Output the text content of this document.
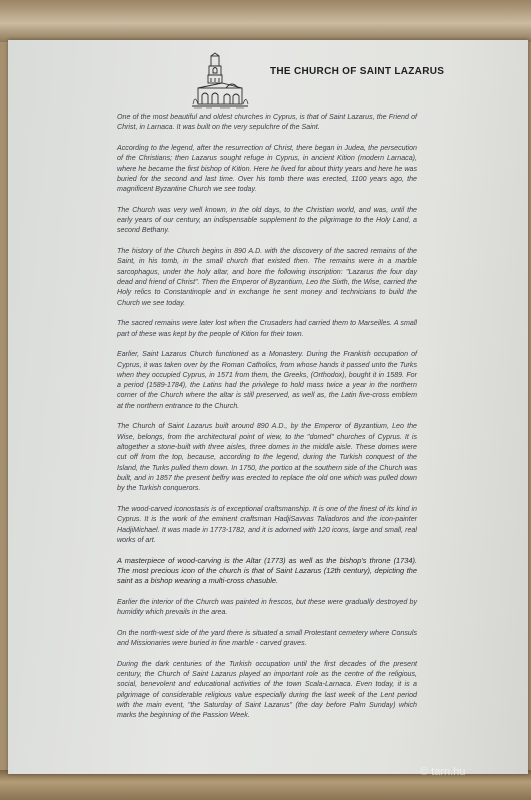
THE CHURCH OF SAINT LAZARUS

One of the most beautiful and oldest churches in Cyprus, is that of Saint Lazarus, the Friend of Christ, in Larnaca. It was built on the very sepulchre of the Saint.

According to the legend, after the resurrection of Christ, there began in Judea, the persecution of the Christians; then Lazarus sought refuge in Cyprus, in ancient Kition (modern Larnaca), where he became the first bishop of Kition. Here he lived for about thirty years and here he was buried for the second and last time. Over his tomb there was erected, 1100 years ago, the magnificent Byzantine Church we see today.

The Church was very well known, in the old days, to the Christian world, and was, until the early years of our century, an indispensable supplement to the pilgrimage to the Holy Land, a second Bethany.

The history of the Church begins in 890 A.D. with the discovery of the sacred remains of the Saint, in his tomb, in the small church that existed then. The remains were in a marble sarcophagus, under the holy altar, and bore the following inscription: "Lazarus the four day dead and friend of Christ". Then the Emperor of Byzantium, Leo the Sixth, the Wise, carried the Holy relics to Constantinople and in exchange he sent money and technicians to build the Church we see today.

The sacred remains were later lost when the Crusaders had carried them to Marseilles. A small part of these was kept by the people of Kition for their town.

Earlier, Saint Lazarus Church functioned as a Monastery. During the Frankish occupation of Cyprus, it was taken over by the Roman Catholics, from whose hands it passed unto the Turks when they occupied Cyprus, in 1571 from them, the Greeks, (Orthodox), bought it in 1589. For a period (1589-1784), the Latins had the privilege to hold mass twice a year in the northern corner of the Church where the altar is still preserved, as well as, the Latin five-cross emblem at the northern entrance to the Church.

The Church of Saint Lazarus built around 890 A.D., by the Emperor of Byzantium, Leo the Wise, belongs, from the architectural point of view, to the "domed" churches of Cyprus. It is altogether a stone-built with three aisles, three domes in the middle aisle. These domes were cut off from the top, because, according to the legend, during the Turkish conquest of the Island, the Turks pulled them down. In 1750, the portico at the southern side of the Church was built, and in 1857 the present belfry was erected to replace the old one which was pulled down by the Turkish conquerors.

The wood-carved iconostasis is of exceptional craftsmanship. It is one of the finest of its kind in Cyprus. It is the work of the eminent craftsman HadjiSavvas Taliadoros and the icon-painter HadjiMichael. It was made in 1773-1782, and it is adorned with 120 icons, large and small, real works of art.

A masterpiece of wood-carving is the Altar (1773) as well as the bishop's throne (1734). The most precious icon of the church is that of Saint Lazarus (12th century), depicting the saint as a bishop wearing a multi-cross chasuble.

Earlier the interior of the Church was painted in frescos, but these were gradually destroyed by humidity which prevails in the area.

On the north-west side of the yard there is situated a small Protestant cemetery where Consuls and Missionaries were buried in fine marble - carved graves.

During the dark centuries of the Turkish occupation until the first decades of the present century, the Church of Saint Lazarus played an important role as the centre of the religious, social, benevolent and educational activities of the town Scala-Larnaca. Even today, it is a pilgrimage of considerable religious value especially during the last week of the Lent period with the main event, "the Saturday of Saint Lazarus" (the day before Palm Sunday) which marks the beginning of the Passion Week.

© tarn.hu
